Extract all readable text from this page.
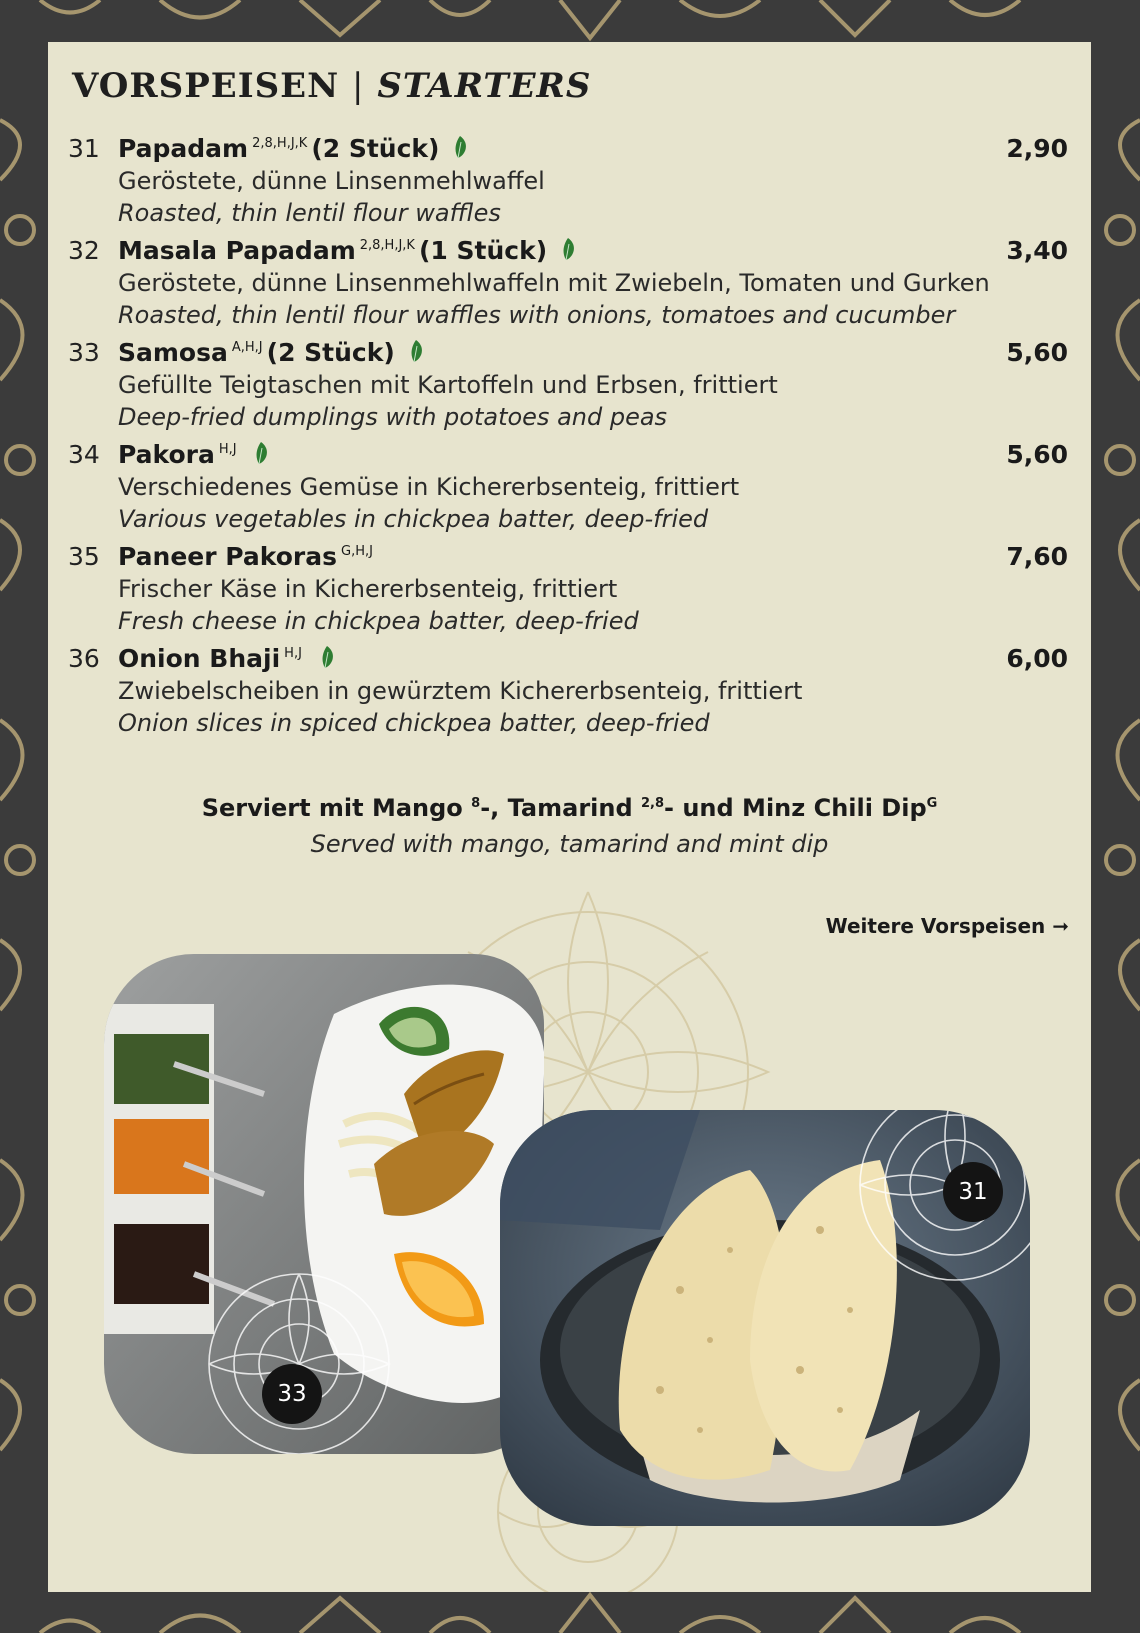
VORSPEISEN | STARTERS
31 Papadam $^{2,8,H,J,K}$ (2 Stück)	2,90
Geröstete, dünne Linsenmehlwaffel
Roasted, thin lentil flour waffles
32 Masala Papadam $^{2,8,H,J,K}$ (1 Stück)	3,40
Geröstete, dünne Linsenmehlwaffeln mit Zwiebeln, Tomaten und Gurken
Roasted, thin lentil flour waffles with onions, tomatoes and cucumber
33 Samosa $^{A,H,J}$ (2 Stück)	5,60
Gefüllte Teigtaschen mit Kartoffeln und Erbsen, frittiert
Deep-fried dumplings with potatoes and peas
34 Pakora $^{H,J}$	5,60
Verschiedenes Gemüse in Kichererbsenteig, frittiert
Various vegetables in chickpea batter, deep-fried
35 Paneer Pakoras $^{G,H,J}$	7,60
Frischer Käse in Kichererbsenteig, frittiert
Fresh cheese in chickpea batter, deep-fried
36 Onion Bhaji $^{H,J}$	6,00
Zwiebelscheiben in gewürztem Kichererbsenteig, frittiert
Onion slices in spiced chickpea batter, deep-fried
Serviert mit Mango $^8$-, Tamarind $^{2,8}$- und Minz Chili Dip$^G$
Served with mango, tamarind and mint dip
Weitere Vorspeisen ➞
33
31
